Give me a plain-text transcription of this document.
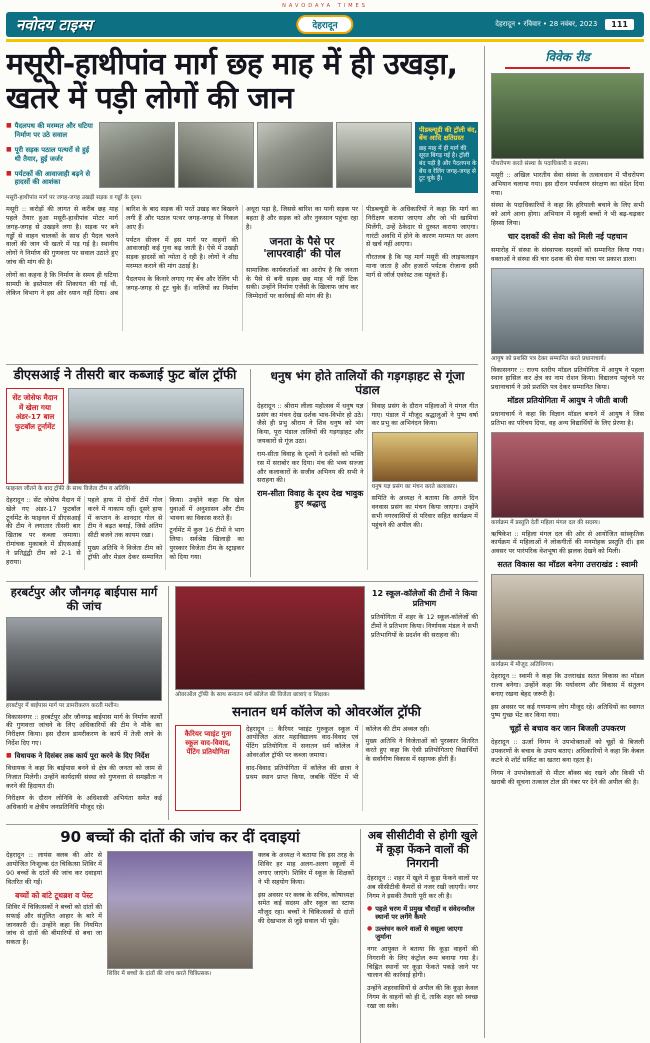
NAVODAYA TIMES
नवोदय टाइम्स	देहरादून	देहरादून • रविवार • 28 नवंबर, 2023	111
मसूरी-हाथीपांव मार्ग छह माह में ही उखड़ा, खतरे में पड़ी लोगों की जान
■ पैदलपथ की मरम्मत और घटिया निर्माण पर उठे सवाल
■ पूरी सड़क पठाल पत्थरों से हुई थी तैयार, हुई जर्जर
■ पर्यटकों की आवाजाही बढ़ने से हादसों की आशंका
पीडब्ल्यूडी की ट्रॉली बंद, बेंच आदि क्षतिग्रस्त
छह माह में ही मार्ग की सूरत बिगड़ गई है। ट्रॉली बंद पड़ी है और पैदलपथ के बेंच व रेलिंग जगह-जगह से टूट चुके हैं।
मसूरी-हाथीपांव मार्ग पर जगह-जगह उखड़ी सड़क व गड्ढों के दृश्य।

मसूरी :: करोड़ों की लागत से करीब छह माह पहले तैयार हुआ मसूरी-हाथीपांव मोटर मार्ग जगह-जगह से उखड़ने लगा है। सड़क पर बने गड्ढों से वाहन चालकों के साथ ही पैदल चलने वालों की जान भी खतरे में पड़ गई है। स्थानीय लोगों ने निर्माण की गुणवत्ता पर सवाल उठाते हुए जांच की मांग की है।

लोगों का कहना है कि निर्माण के समय ही घटिया सामग्री के इस्तेमाल की शिकायत की गई थी, लेकिन विभाग ने इस ओर ध्यान नहीं दिया। अब बारिश के बाद सड़क की परतें उखड़ कर बिखरने लगी हैं और पठाल पत्थर जगह-जगह से निकल आए हैं।

पर्यटन सीजन में इस मार्ग पर वाहनों की आवाजाही कई गुना बढ़ जाती है। ऐसे में उखड़ी सड़क हादसों को न्योता दे रही है। लोगों ने शीघ्र मरम्मत कराने की मांग उठाई है।

पैदलपथ के किनारे लगाए गए बेंच और रेलिंग भी जगह-जगह से टूट चुके हैं। नालियों का निर्माण अधूरा पड़ा है, जिससे बारिश का पानी सड़क पर बहता है और सड़क को और नुकसान पहुंचा रहा है।

जनता के पैसे पर 'लापरवाही' की पोल

सामाजिक कार्यकर्ताओं का आरोप है कि जनता के पैसे से बनी सड़क छह माह भी नहीं टिक सकी। उन्होंने निर्माण एजेंसी के खिलाफ जांच कर जिम्मेदारों पर कार्रवाई की मांग की है।

पीडब्ल्यूडी के अधिकारियों ने कहा कि मार्ग का निरीक्षण कराया जाएगा और जो भी खामियां मिलेंगी, उन्हें ठेकेदार से दुरुस्त कराया जाएगा। गारंटी अवधि में होने के कारण मरम्मत पर अलग से खर्च नहीं आएगा।

गौरतलब है कि यह मार्ग मसूरी की लाइफलाइन माना जाता है और हजारों पर्यटक रोजाना इसी मार्ग से जॉर्ज एवरेस्ट तक पहुंचते हैं।

डीएसआई ने तीसरी बार कब्जाई फुट बॉल ट्रॉफी
सेंट जोसेफ मैदान में खेला गया अंडर-17 बाल फुटबॉल टूर्नामेंट
फाइनल जीतने के बाद ट्रॉफी के साथ विजेता टीम व अतिथि।

देहरादून :: सेंट जोसेफ मैदान में खेले गए अंडर-17 फुटबॉल टूर्नामेंट के फाइनल में डीएसआई की टीम ने लगातार तीसरी बार खिताब पर कब्जा जमाया। रोमांचक मुकाबले में डीएसआई ने प्रतिद्वंद्वी टीम को 2-1 से हराया।

पहले हाफ में दोनों टीमें गोल करने में नाकाम रहीं। दूसरे हाफ में कप्तान के शानदार गोल से टीम ने बढ़त बनाई, जिसे अंतिम सीटी बजने तक कायम रखा।

मुख्य अतिथि ने विजेता टीम को ट्रॉफी और मेडल देकर सम्मानित किया। उन्होंने कहा कि खेल युवाओं में अनुशासन और टीम भावना का विकास करते हैं।

टूर्नामेंट में कुल 16 टीमों ने भाग लिया। सर्वश्रेष्ठ खिलाड़ी का पुरस्कार विजेता टीम के स्ट्राइकर को दिया गया।

धनुष भंग होते तालियों की गड़गड़ाहट से गूंजा पंडाल

देहरादून :: श्रीराम लीला महोत्सव में धनुष यज्ञ प्रसंग का मंचन देख दर्शक भाव-विभोर हो उठे। जैसे ही प्रभु श्रीराम ने शिव धनुष को भंग किया, पूरा पंडाल तालियों की गड़गड़ाहट और जयकारों से गूंज उठा।

राम-सीता विवाह के दृश्यों ने दर्शकों को भक्ति रस में सराबोर कर दिया। मंच की भव्य सज्जा और कलाकारों के सजीव अभिनय की सभी ने सराहना की।

राम-सीता विवाह के दृश्य देख भावुक हुए श्रद्धालु

विवाह प्रसंग के दौरान महिलाओं ने मंगल गीत गाए। पंडाल में मौजूद श्रद्धालुओं ने पुष्प वर्षा कर प्रभु का अभिनंदन किया।

धनुष यज्ञ प्रसंग का मंचन करते कलाकार।

समिति के अध्यक्ष ने बताया कि अगले दिन वनवास प्रसंग का मंचन किया जाएगा। उन्होंने सभी नगरवासियों से परिवार सहित कार्यक्रम में पहुंचने की अपील की।

हरबर्टपुर और जौनगढ़ बाईपास मार्ग की जांच
हरबर्टपुर में बाईपास मार्ग पर डामरीकरण करती मशीन।

विकासनगर :: हरबर्टपुर और जौनगढ़ बाईपास मार्ग के निर्माण कार्यों की गुणवत्ता जांचने के लिए अधिकारियों की टीम ने मौके का निरीक्षण किया। इस दौरान डामरीकरण के कार्य में तेजी लाने के निर्देश दिए गए।

■ विधायक ने दिसंबर तक कार्य पूरा करने के दिए निर्देश

विधायक ने कहा कि बाईपास बनने से क्षेत्र की जनता को जाम से निजात मिलेगी। उन्होंने कार्यदायी संस्था को गुणवत्ता से समझौता न करने की हिदायत दी।

निरीक्षण के दौरान लोनिवि के अधिशासी अभियंता समेत कई अधिकारी व क्षेत्रीय जनप्रतिनिधि मौजूद रहे।

ओवरऑल ट्रॉफी के साथ सनातन धर्म कॉलेज की विजेता छात्राएं व शिक्षक।
12 स्कूल-कॉलेजों की टीमों ने किया प्रतिभाग

प्रतियोगिता में शहर के 12 स्कूल-कॉलेजों की टीमों ने प्रतिभाग किया। निर्णायक मंडल ने सभी प्रतिभागियों के प्रदर्शन की सराहना की।

सनातन धर्म कॉलेज को ओवरऑल ट्रॉफी
कैरियर प्वाइंट गुना स्कूल वाद-विवाद, पेंटिंग प्रतियोगिता

देहरादून :: कैरियर प्वाइंट गुरुकुल स्कूल में आयोजित अंतर महाविद्यालय वाद-विवाद एवं पेंटिंग प्रतियोगिता में सनातन धर्म कॉलेज ने ओवरऑल ट्रॉफी पर कब्जा जमाया।

वाद-विवाद प्रतियोगिता में कॉलेज की छात्रा ने प्रथम स्थान प्राप्त किया, जबकि पेंटिंग में भी कॉलेज की टीम अव्वल रही।

मुख्य अतिथि ने विजेताओं को पुरस्कार वितरित करते हुए कहा कि ऐसी प्रतियोगिताएं विद्यार्थियों के सर्वांगीण विकास में सहायक होती हैं।

90 बच्चों की दांतों की जांच कर दीं दवाइयां

देहरादून :: लायंस क्लब की ओर से आयोजित निःशुल्क दंत चिकित्सा शिविर में 90 बच्चों के दांतों की जांच कर दवाइयां वितरित की गईं।

बच्चों को बांटे टूथब्रश व पेस्ट

शिविर में चिकित्सकों ने बच्चों को दांतों की सफाई और संतुलित आहार के बारे में जानकारी दी। उन्होंने कहा कि नियमित जांच से दांतों की बीमारियों से बचा जा सकता है।

शिविर में बच्चों के दांतों की जांच करते चिकित्सक।

क्लब के अध्यक्ष ने बताया कि इस तरह के शिविर हर माह अलग-अलग स्कूलों में लगाए जाएंगे। शिविर में स्कूल के शिक्षकों ने भी सहयोग किया।

इस अवसर पर क्लब के सचिव, कोषाध्यक्ष समेत कई सदस्य और स्कूल का स्टाफ मौजूद रहा। बच्चों ने चिकित्सकों से दांतों की देखभाल से जुड़े सवाल भी पूछे।

अब सीसीटीवी से होगी खुले में कूड़ा फेंकने वालों की निगरानी

देहरादून :: शहर में खुले में कूड़ा फेंकने वालों पर अब सीसीटीवी कैमरों से नजर रखी जाएगी। नगर निगम ने इसकी तैयारी पूरी कर ली है।

● पहले चरण में प्रमुख चौराहों व संवेदनशील स्थानों पर लगेंगे कैमरे
● उल्लंघन करने वालों से वसूला जाएगा जुर्माना

नगर आयुक्त ने बताया कि कूड़ा वाहनों की निगरानी के लिए कंट्रोल रूम बनाया गया है। चिह्नित स्थानों पर कूड़ा फेंकते पकड़े जाने पर चालान की कार्रवाई होगी।

उन्होंने शहरवासियों से अपील की कि कूड़ा केवल निगम के वाहनों को ही दें, ताकि शहर को स्वच्छ रखा जा सके।

विवेक रीड
पौधरोपण करते संस्था के पदाधिकारी व सदस्य।

मसूरी :: अखिल भारतीय सेवा संस्था के तत्वावधान में पौधरोपण अभियान चलाया गया। इस दौरान पर्यावरण संरक्षण का संदेश दिया गया।

संस्था के पदाधिकारियों ने कहा कि हरियाली बचाने के लिए सभी को आगे आना होगा। अभियान में स्कूली बच्चों ने भी बढ़-चढ़कर हिस्सा लिया।

चार दशकों की सेवा को मिली नई पहचान

समारोह में संस्था के संस्थापक सदस्यों को सम्मानित किया गया। वक्ताओं ने संस्था की चार दशक की सेवा यात्रा पर प्रकाश डाला।

आयुष को प्रशस्ति पत्र देकर सम्मानित करते प्रधानाचार्य।

विकासनगर :: राज्य स्तरीय मॉडल प्रतियोगिता में आयुष ने पहला स्थान हासिल कर क्षेत्र का नाम रोशन किया। विद्यालय पहुंचने पर प्रधानाचार्य ने उसे प्रशस्ति पत्र देकर सम्मानित किया।

मॉडल प्रतियोगिता में आयुष ने जीती बाजी

प्रधानाचार्य ने कहा कि विज्ञान मॉडल बनाने में आयुष ने जिस प्रतिभा का परिचय दिया, वह अन्य विद्यार्थियों के लिए प्रेरणा है।

कार्यक्रम में प्रस्तुति देतीं महिला मंगल दल की सदस्य।

ऋषिकेश :: महिला मंगल दल की ओर से आयोजित सांस्कृतिक कार्यक्रम में महिलाओं ने लोकगीतों की मनमोहक प्रस्तुति दी। इस अवसर पर पारंपरिक वेशभूषा की झलक देखने को मिली।

सतत विकास का मॉडल बनेगा उत्तराखंड : स्वामी
कार्यक्रम में मौजूद अतिथिगण।

देहरादून :: स्वामी ने कहा कि उत्तराखंड सतत विकास का मॉडल राज्य बनेगा। उन्होंने कहा कि पर्यावरण और विकास में संतुलन बनाए रखना बेहद जरूरी है।

इस अवसर पर कई गणमान्य लोग मौजूद रहे। अतिथियों का स्वागत पुष्प गुच्छ भेंट कर किया गया।

चूहों से बचाव कर जान बिजली उपकरण

देहरादून :: ऊर्जा निगम ने उपभोक्ताओं को चूहों से बिजली उपकरणों के बचाव के उपाय बताए। अधिकारियों ने कहा कि केबल कटने से शॉर्ट सर्किट का खतरा बना रहता है।

निगम ने उपभोक्ताओं से मीटर बॉक्स बंद रखने और किसी भी खराबी की सूचना तत्काल टोल फ्री नंबर पर देने की अपील की है।
